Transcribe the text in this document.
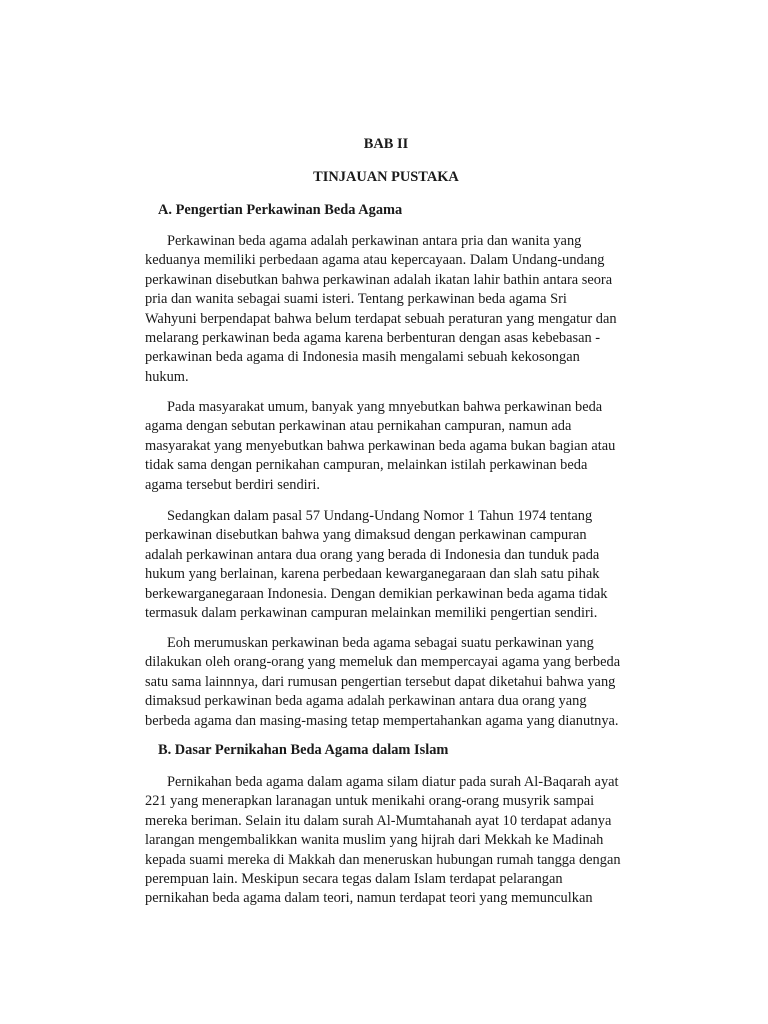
BAB II
TINJAUAN PUSTAKA
A. Pengertian Perkawinan Beda Agama

Perkawinan beda agama adalah perkawinan antara pria dan wanita yang
keduanya memiliki perbedaan agama atau kepercayaan. Dalam Undang-undang
perkawinan disebutkan bahwa perkawinan adalah ikatan lahir bathin antara seora
pria dan wanita sebagai suami isteri. Tentang perkawinan beda agama Sri
Wahyuni berpendapat bahwa belum terdapat sebuah peraturan yang mengatur dan
melarang perkawinan beda agama karena berbenturan dengan asas kebebasan -
perkawinan beda agama di Indonesia masih mengalami sebuah kekosongan
hukum.

Pada masyarakat umum, banyak yang mnyebutkan bahwa perkawinan beda
agama dengan sebutan perkawinan atau pernikahan campuran, namun ada
masyarakat yang menyebutkan bahwa perkawinan beda agama bukan bagian atau
tidak sama dengan pernikahan campuran, melainkan istilah perkawinan beda
agama tersebut berdiri sendiri.

Sedangkan dalam pasal 57 Undang-Undang Nomor 1 Tahun 1974 tentang
perkawinan disebutkan bahwa yang dimaksud dengan perkawinan campuran
adalah perkawinan antara dua orang yang berada di Indonesia dan tunduk pada
hukum yang berlainan, karena perbedaan kewarganegaraan dan slah satu pihak
berkewarganegaraan Indonesia. Dengan demikian perkawinan beda agama tidak
termasuk dalam perkawinan campuran melainkan memiliki pengertian sendiri.

Eoh merumuskan perkawinan beda agama sebagai suatu perkawinan yang
dilakukan oleh orang-orang yang memeluk dan mempercayai agama yang berbeda
satu sama lainnnya, dari rumusan pengertian tersebut dapat diketahui bahwa yang
dimaksud perkawinan beda agama adalah perkawinan antara dua orang yang
berbeda agama dan masing-masing tetap mempertahankan agama yang dianutnya.

B. Dasar Pernikahan Beda Agama dalam Islam

Pernikahan beda agama dalam agama silam diatur pada surah Al-Baqarah ayat
221 yang menerapkan laranagan untuk menikahi orang-orang musyrik sampai
mereka beriman. Selain itu dalam surah Al-Mumtahanah ayat 10 terdapat adanya
larangan mengembalikkan wanita muslim yang hijrah dari Mekkah ke Madinah
kepada suami mereka di Makkah dan meneruskan hubungan rumah tangga dengan
perempuan lain. Meskipun secara tegas dalam Islam terdapat pelarangan
pernikahan beda agama dalam teori, namun terdapat teori yang memunculkan
